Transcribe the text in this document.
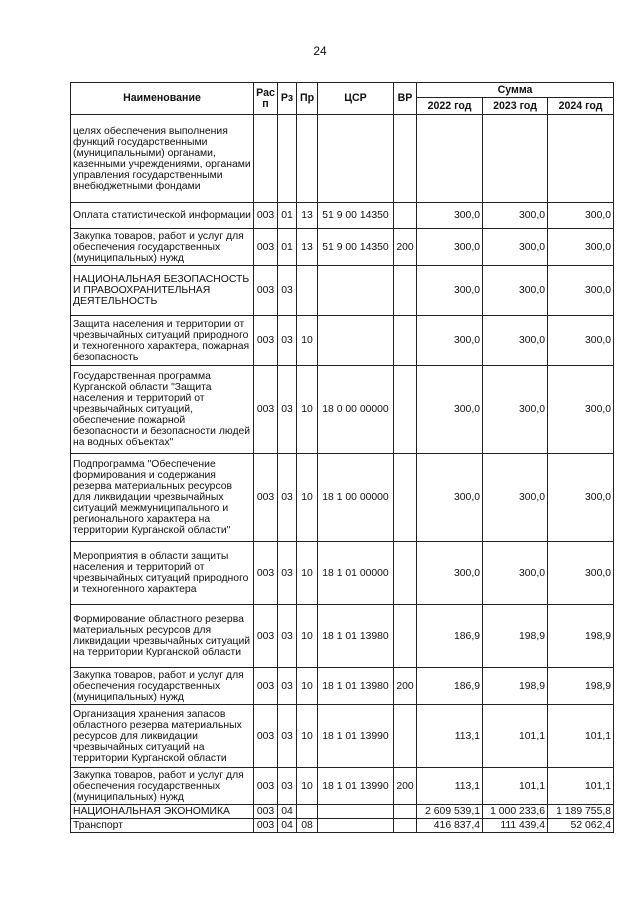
24
Наименование	Рас п	Рз	Пр	ЦСР	ВР	Сумма		
						2022 год	2023 год	2024 год
целях обеспечения выполнения функций государственными (муниципальными) органами, казенными учреждениями, органами управления государственными внебюджетными фондами								
Оплата статистической информации	003	01	13	51 9 00 14350		300,0	300,0	300,0
Закупка товаров, работ и услуг для обеспечения государственных (муниципальных) нужд	003	01	13	51 9 00 14350	200	300,0	300,0	300,0
НАЦИОНАЛЬНАЯ БЕЗОПАСНОСТЬ И ПРАВООХРАНИТЕЛЬНАЯ ДЕЯТЕЛЬНОСТЬ	003	03				300,0	300,0	300,0
Защита населения и территории от чрезвычайных ситуаций природного и техногенного характера, пожарная безопасность	003	03	10			300,0	300,0	300,0
Государственная программа Курганской области "Защита населения и территорий от чрезвычайных ситуаций, обеспечение пожарной безопасности и безопасности людей на водных объектах"	003	03	10	18 0 00 00000		300,0	300,0	300,0
Подпрограмма "Обеспечение формирования и содержания резерва материальных ресурсов для ликвидации чрезвычайных ситуаций межмуниципального и регионального характера на территории Курганской области"	003	03	10	18 1 00 00000		300,0	300,0	300,0
Мероприятия в области защиты населения и территорий от чрезвычайных ситуаций природного и техногенного характера	003	03	10	18 1 01 00000		300,0	300,0	300,0
Формирование областного резерва материальных ресурсов для ликвидации чрезвычайных ситуаций на территории Курганской области	003	03	10	18 1 01 13980		186,9	198,9	198,9
Закупка товаров, работ и услуг для обеспечения государственных (муниципальных) нужд	003	03	10	18 1 01 13980	200	186,9	198,9	198,9
Организация хранения запасов областного резерва материальных ресурсов для ликвидации чрезвычайных ситуаций на территории Курганской области	003	03	10	18 1 01 13990		113,1	101,1	101,1
Закупка товаров, работ и услуг для обеспечения государственных (муниципальных) нужд	003	03	10	18 1 01 13990	200	113,1	101,1	101,1
НАЦИОНАЛЬНАЯ ЭКОНОМИКА	003	04				2 609 539,1	1 000 233,6	1 189 755,8
Транспорт	003	04	08			416 837,4	111 439,4	52 062,4
